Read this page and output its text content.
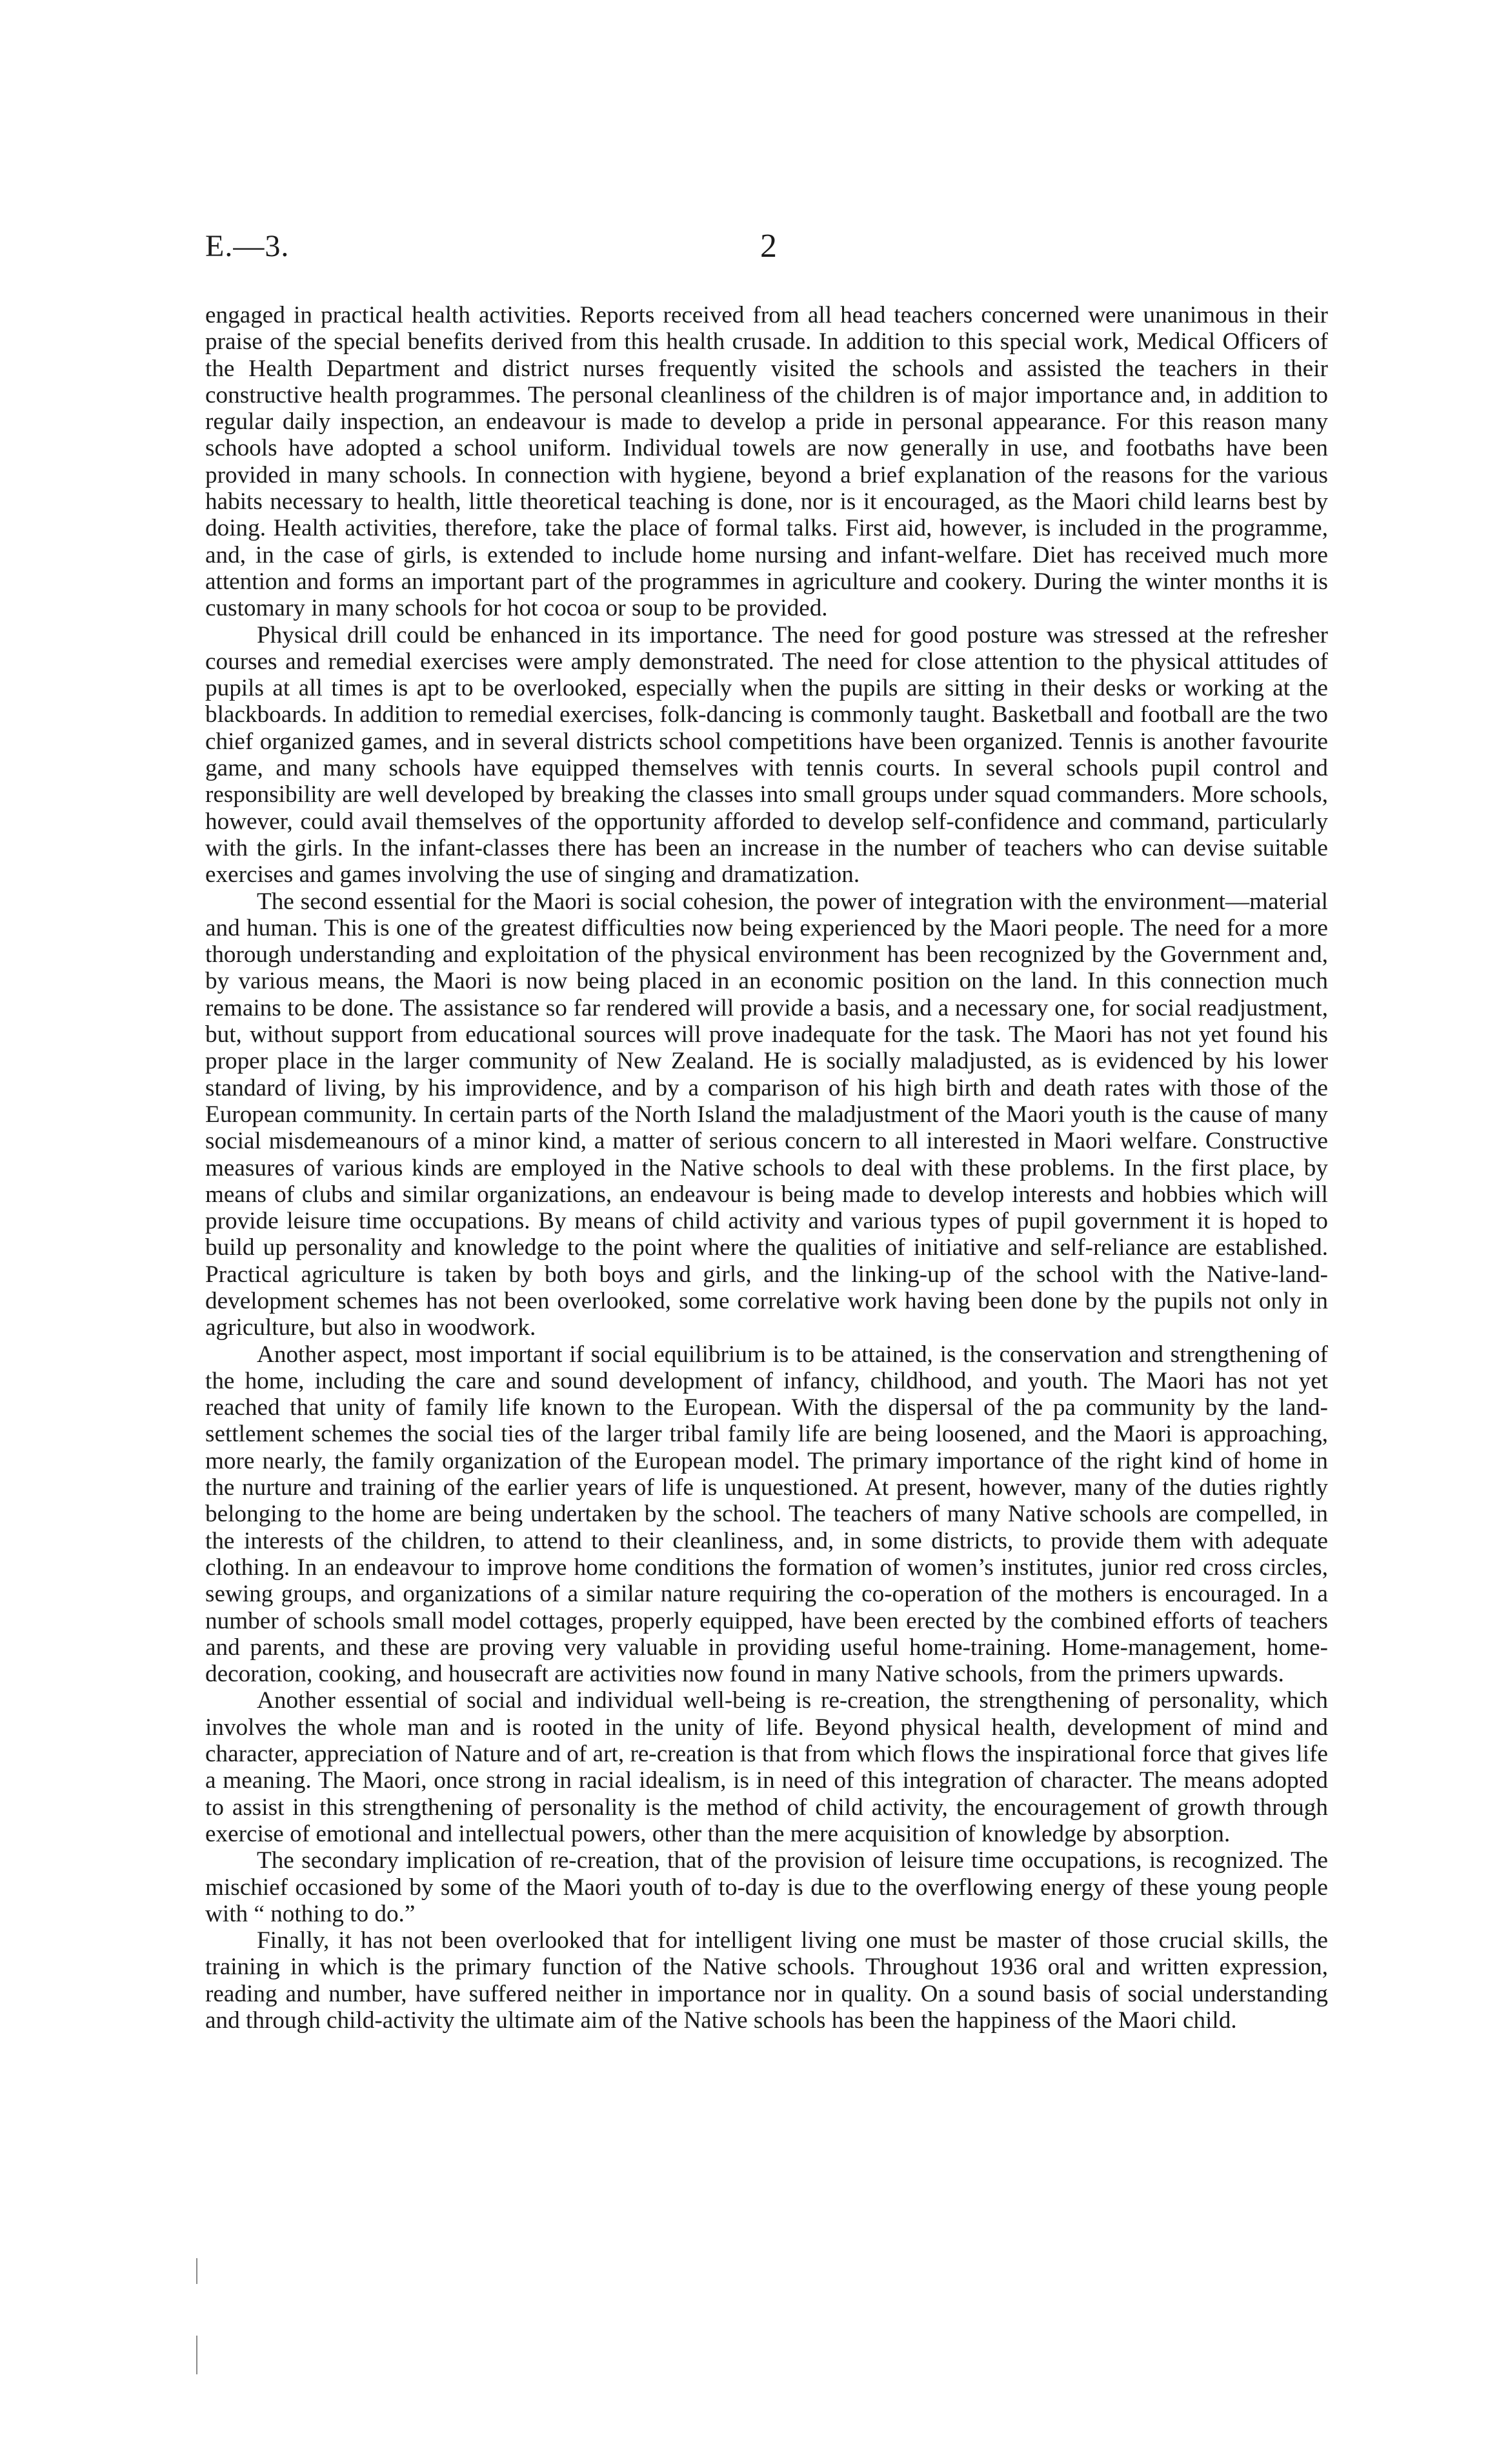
E.—3.	2

engaged in practical health activities. Reports received from all head teachers concerned were unanimous in their praise of the special benefits derived from this health crusade. In addition to this special work, Medical Officers of the Health Department and district nurses frequently visited the schools and assisted the teachers in their constructive health programmes. The personal cleanliness of the children is of major importance and, in addition to regular daily inspection, an endeavour is made to develop a pride in personal appearance. For this reason many schools have adopted a school uniform. Individual towels are now generally in use, and footbaths have been provided in many schools. In connection with hygiene, beyond a brief explanation of the reasons for the various habits necessary to health, little theoretical teaching is done, nor is it encouraged, as the Maori child learns best by doing. Health activities, therefore, take the place of formal talks. First aid, however, is included in the programme, and, in the case of girls, is extended to include home nursing and infant-welfare. Diet has received much more attention and forms an important part of the programmes in agriculture and cookery. During the winter months it is customary in many schools for hot cocoa or soup to be provided.

Physical drill could be enhanced in its importance. The need for good posture was stressed at the refresher courses and remedial exercises were amply demonstrated. The need for close attention to the physical attitudes of pupils at all times is apt to be overlooked, especially when the pupils are sitting in their desks or working at the blackboards. In addition to remedial exercises, folk-dancing is commonly taught. Basketball and football are the two chief organized games, and in several districts school competitions have been organized. Tennis is another favourite game, and many schools have equipped themselves with tennis courts. In several schools pupil control and responsibility are well developed by breaking the classes into small groups under squad commanders. More schools, however, could avail themselves of the opportunity afforded to develop self-confidence and command, particularly with the girls. In the infant-classes there has been an increase in the number of teachers who can devise suitable exercises and games involving the use of singing and dramatization.

The second essential for the Maori is social cohesion, the power of integration with the environment—material and human. This is one of the greatest difficulties now being experienced by the Maori people. The need for a more thorough understanding and exploitation of the physical environment has been recognized by the Government and, by various means, the Maori is now being placed in an economic position on the land. In this connection much remains to be done. The assistance so far rendered will provide a basis, and a necessary one, for social readjustment, but, without support from educational sources will prove inadequate for the task. The Maori has not yet found his proper place in the larger community of New Zealand. He is socially maladjusted, as is evidenced by his lower standard of living, by his improvidence, and by a comparison of his high birth and death rates with those of the European community. In certain parts of the North Island the maladjustment of the Maori youth is the cause of many social misdemeanours of a minor kind, a matter of serious concern to all interested in Maori welfare. Constructive measures of various kinds are employed in the Native schools to deal with these problems. In the first place, by means of clubs and similar organizations, an endeavour is being made to develop interests and hobbies which will provide leisure time occupations. By means of child activity and various types of pupil government it is hoped to build up personality and knowledge to the point where the qualities of initiative and self-reliance are established. Practical agriculture is taken by both boys and girls, and the linking-up of the school with the Native-land-development schemes has not been overlooked, some correlative work having been done by the pupils not only in agriculture, but also in woodwork.

Another aspect, most important if social equilibrium is to be attained, is the conservation and strengthening of the home, including the care and sound development of infancy, childhood, and youth. The Maori has not yet reached that unity of family life known to the European. With the dispersal of the pa community by the land-settlement schemes the social ties of the larger tribal family life are being loosened, and the Maori is approaching, more nearly, the family organization of the European model. The primary importance of the right kind of home in the nurture and training of the earlier years of life is unquestioned. At present, however, many of the duties rightly belonging to the home are being undertaken by the school. The teachers of many Native schools are compelled, in the interests of the children, to attend to their cleanliness, and, in some districts, to provide them with adequate clothing. In an endeavour to improve home conditions the formation of women’s institutes, junior red cross circles, sewing groups, and organizations of a similar nature requiring the co-operation of the mothers is encouraged. In a number of schools small model cottages, properly equipped, have been erected by the combined efforts of teachers and parents, and these are proving very valuable in providing useful home-training. Home-management, home-decoration, cooking, and housecraft are activities now found in many Native schools, from the primers upwards.

Another essential of social and individual well-being is re-creation, the strengthening of personality, which involves the whole man and is rooted in the unity of life. Beyond physical health, development of mind and character, appreciation of Nature and of art, re-creation is that from which flows the inspirational force that gives life a meaning. The Maori, once strong in racial idealism, is in need of this integration of character. The means adopted to assist in this strengthening of personality is the method of child activity, the encouragement of growth through exercise of emotional and intellectual powers, other than the mere acquisition of knowledge by absorption.

The secondary implication of re-creation, that of the provision of leisure time occupations, is recognized. The mischief occasioned by some of the Maori youth of to-day is due to the overflowing energy of these young people with “ nothing to do.”

Finally, it has not been overlooked that for intelligent living one must be master of those crucial skills, the training in which is the primary function of the Native schools. Throughout 1936 oral and written expression, reading and number, have suffered neither in importance nor in quality. On a sound basis of social understanding and through child-activity the ultimate aim of the Native schools has been the happiness of the Maori child.
